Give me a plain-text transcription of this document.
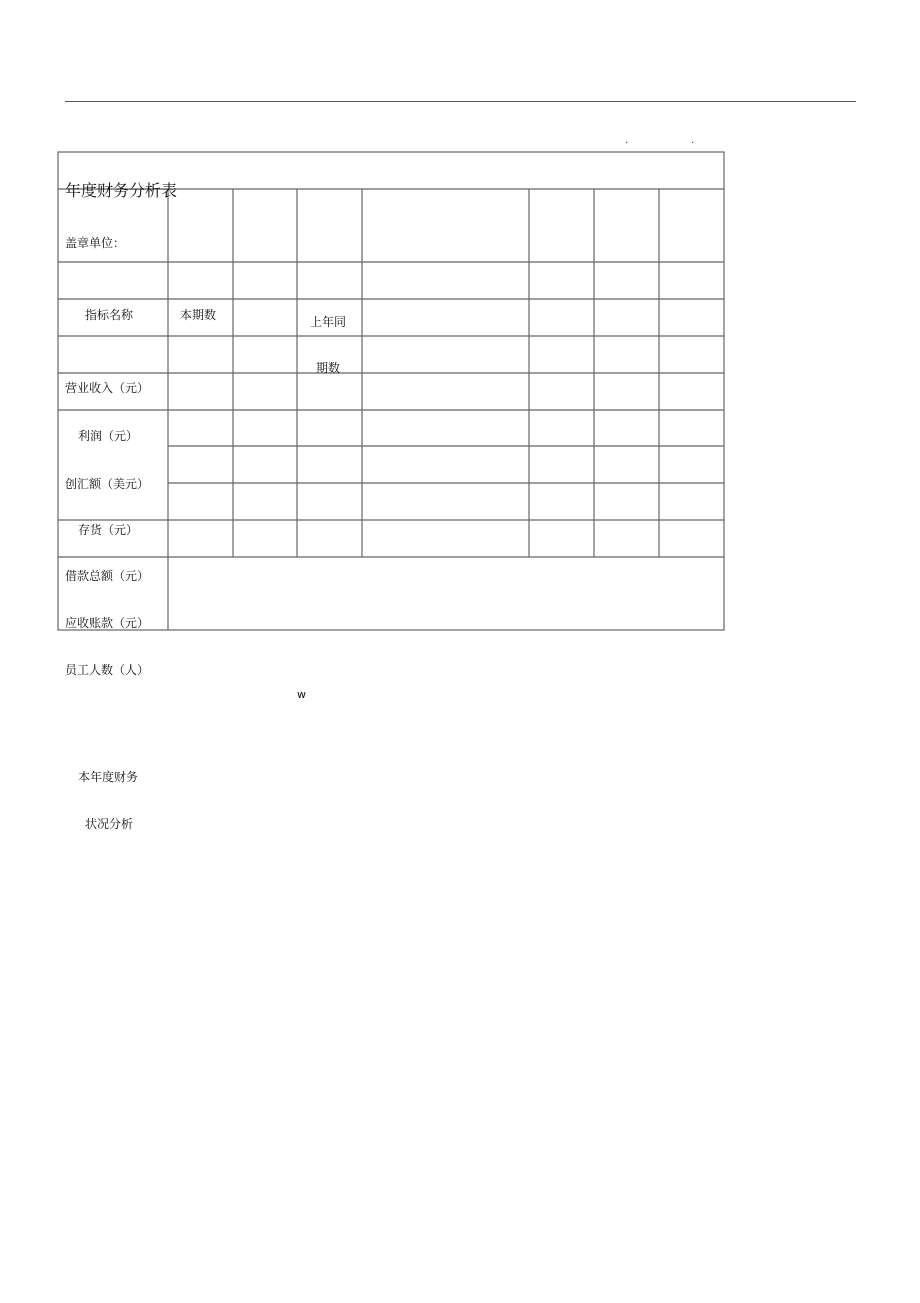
.	.
年度财务分析表
盖章单位：
指标名称	本期数	上年同
期数
营业收入（元）
利润（元）
创汇额（美元）
存货（元）
借款总额（元）
应收账款（元）
员工人数（人）
w
本年度财务
状况分析
